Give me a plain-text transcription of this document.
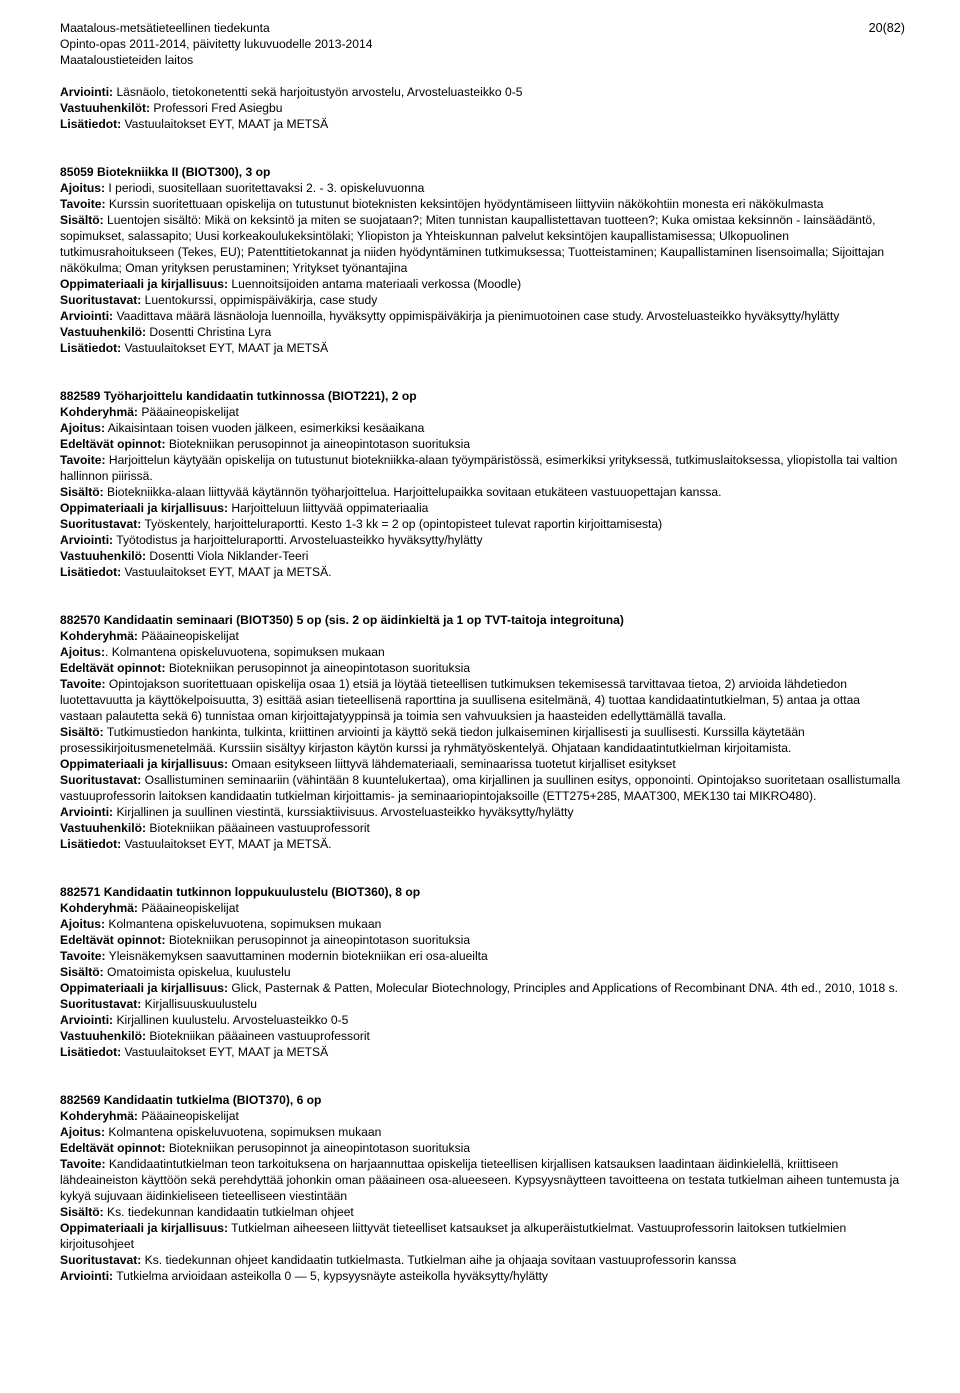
20(82)
Maatalous-metsätieteellinen tiedekunta
Opinto-opas 2011-2014, päivitetty lukuvuodelle 2013-2014
Maataloustieteiden laitos
Arviointi: Läsnäolo, tietokonetentti sekä harjoitustyön arvostelu, Arvosteluasteikko 0-5
Vastuuhenkilöt: Professori Fred Asiegbu
Lisätiedot: Vastuulaitokset EYT, MAAT ja METSÄ
85059 Biotekniikka II (BIOT300), 3 op
Ajoitus: I periodi, suositellaan suoritettavaksi 2. - 3. opiskeluvuonna
Tavoite: Kurssin suoritettuaan opiskelija on tutustunut bioteknisten keksintöjen hyödyntämiseen liittyviin näkökohtiin monesta eri näkökulmasta
Sisältö: Luentojen sisältö: Mikä on keksintö ja miten se suojataan?; Miten tunnistan kaupallistettavan tuotteen?; Kuka omistaa keksinnön - lainsäädäntö, sopimukset, salassapito; Uusi korkeakoulukeksintölaki; Yliopiston ja Yhteiskunnan palvelut keksintöjen kaupallistamisessa; Ulkopuolinen tutkimusrahoitukseen (Tekes, EU); Patenttitietokannat ja niiden hyödyntäminen tutkimuksessa; Tuotteistaminen; Kaupallistaminen lisensoimalla; Sijoittajan näkökulma; Oman yrityksen perustaminen; Yritykset työnantajina
Oppimateriaali ja kirjallisuus: Luennoitsijoiden antama materiaali verkossa (Moodle)
Suoritustavat: Luentokurssi, oppimispäiväkirja, case study
Arviointi: Vaadittava määrä läsnäoloja luennoilla, hyväksytty oppimispäiväkirja ja pienimuotoinen case study. Arvosteluasteikko hyväksytty/hylätty
Vastuuhenkilö: Dosentti Christina Lyra
Lisätiedot: Vastuulaitokset EYT, MAAT ja METSÄ
882589 Työharjoittelu kandidaatin tutkinnossa (BIOT221), 2 op
Kohderyhmä: Pääaineopiskelijat
Ajoitus: Aikaisintaan toisen vuoden jälkeen, esimerkiksi kesäaikana
Edeltävät opinnot: Biotekniikan perusopinnot ja aineopintotason suorituksia
Tavoite: Harjoittelun käytyään opiskelija on tutustunut biotekniikka-alaan työympäristössä, esimerkiksi yrityksessä, tutkimuslaitoksessa, yliopistolla tai valtion hallinnon piirissä.
Sisältö: Biotekniikka-alaan liittyvää käytännön työharjoittelua. Harjoittelupaikka sovitaan etukäteen vastuuopettajan kanssa.
Oppimateriaali ja kirjallisuus: Harjoitteluun liittyvää oppimateriaalia
Suoritustavat: Työskentely, harjoitteluraportti. Kesto 1-3 kk = 2 op (opintopisteet tulevat raportin kirjoittamisesta)
Arviointi: Työtodistus ja harjoitteluraportti. Arvosteluasteikko hyväksytty/hylätty
Vastuuhenkilö: Dosentti Viola Niklander-Teeri
Lisätiedot: Vastuulaitokset EYT, MAAT ja METSÄ.
882570 Kandidaatin seminaari (BIOT350) 5 op (sis. 2 op äidinkieltä ja 1 op TVT-taitoja integroituna)
Kohderyhmä: Pääaineopiskelijat
Ajoitus:. Kolmantena opiskeluvuotena, sopimuksen mukaan
Edeltävät opinnot: Biotekniikan perusopinnot ja aineopintotason suorituksia
Tavoite: Opintojakson suoritettuaan opiskelija osaa 1) etsiä ja löytää tieteellisen tutkimuksen tekemisessä tarvittavaa tietoa, 2) arvioida lähdetiedon luotettavuutta ja käyttökelpoisuutta, 3) esittää asian tieteellisenä raporttina ja suullisena esitelmänä, 4) tuottaa kandidaatintutkielman, 5) antaa ja ottaa vastaan palautetta sekä 6) tunnistaa oman kirjoittajatyyppinsä ja toimia sen vahvuuksien ja haasteiden edellyttämällä tavalla.
Sisältö: Tutkimustiedon hankinta, tulkinta, kriittinen arviointi ja käyttö sekä tiedon julkaiseminen kirjallisesti ja suullisesti. Kurssilla käytetään prosessikirjoitusmenetelmää. Kurssiin sisältyy kirjaston käytön kurssi ja ryhmätyöskentelyä. Ohjataan kandidaatintutkielman kirjoitamista.
Oppimateriaali ja kirjallisuus: Omaan esitykseen liittyvä lähdemateriaali, seminaarissa tuotetut kirjalliset esitykset
Suoritustavat: Osallistuminen seminaariin (vähintään 8 kuuntelukertaa), oma kirjallinen ja suullinen esitys, opponointi. Opintojakso suoritetaan osallistumalla vastuuprofessorin laitoksen kandidaatin tutkielman kirjoittamis- ja seminaariopintojaksoille (ETT275+285, MAAT300, MEK130 tai MIKRO480).
Arviointi: Kirjallinen ja suullinen viestintä, kurssiaktiivisuus. Arvosteluasteikko hyväksytty/hylätty
Vastuuhenkilö: Biotekniikan pääaineen vastuuprofessorit
Lisätiedot: Vastuulaitokset EYT, MAAT ja METSÄ.
882571 Kandidaatin tutkinnon loppukuulustelu (BIOT360), 8 op
Kohderyhmä: Pääaineopiskelijat
Ajoitus: Kolmantena opiskeluvuotena, sopimuksen mukaan
Edeltävät opinnot: Biotekniikan perusopinnot ja aineopintotason suorituksia
Tavoite: Yleisnäkemyksen saavuttaminen modernin biotekniikan eri osa-alueilta
Sisältö: Omatoimista opiskelua, kuulustelu
Oppimateriaali ja kirjallisuus: Glick, Pasternak & Patten, Molecular Biotechnology, Principles and Applications of Recombinant DNA. 4th ed., 2010, 1018 s.
Suoritustavat: Kirjallisuuskuulustelu
Arviointi: Kirjallinen kuulustelu. Arvosteluasteikko 0-5
Vastuuhenkilö: Biotekniikan pääaineen vastuuprofessorit
Lisätiedot: Vastuulaitokset EYT, MAAT ja METSÄ
882569 Kandidaatin tutkielma (BIOT370), 6 op
Kohderyhmä: Pääaineopiskelijat
Ajoitus: Kolmantena opiskeluvuotena, sopimuksen mukaan
Edeltävät opinnot: Biotekniikan perusopinnot ja aineopintotason suorituksia
Tavoite: Kandidaatintutkielman teon tarkoituksena on harjaannuttaa opiskelija tieteellisen kirjallisen katsauksen laadintaan äidinkielellä, kriittiseen lähdeaineiston käyttöön sekä perehdyttää johonkin oman pääaineen osa-alueeseen. Kypsyysnäytteen tavoitteena on testata tutkielman aiheen tuntemusta ja kykyä sujuvaan äidinkieliseen tieteelliseen viestintään
Sisältö: Ks. tiedekunnan kandidaatin tutkielman ohjeet
Oppimateriaali ja kirjallisuus: Tutkielman aiheeseen liittyvät tieteelliset katsaukset ja alkuperäistutkielmat. Vastuuprofessorin laitoksen tutkielmien kirjoitusohjeet
Suoritustavat: Ks. tiedekunnan ohjeet kandidaatin tutkielmasta. Tutkielman aihe ja ohjaaja sovitaan vastuuprofessorin kanssa
Arviointi: Tutkielma arvioidaan asteikolla 0 — 5, kypsyysnäyte asteikolla hyväksytty/hylätty
